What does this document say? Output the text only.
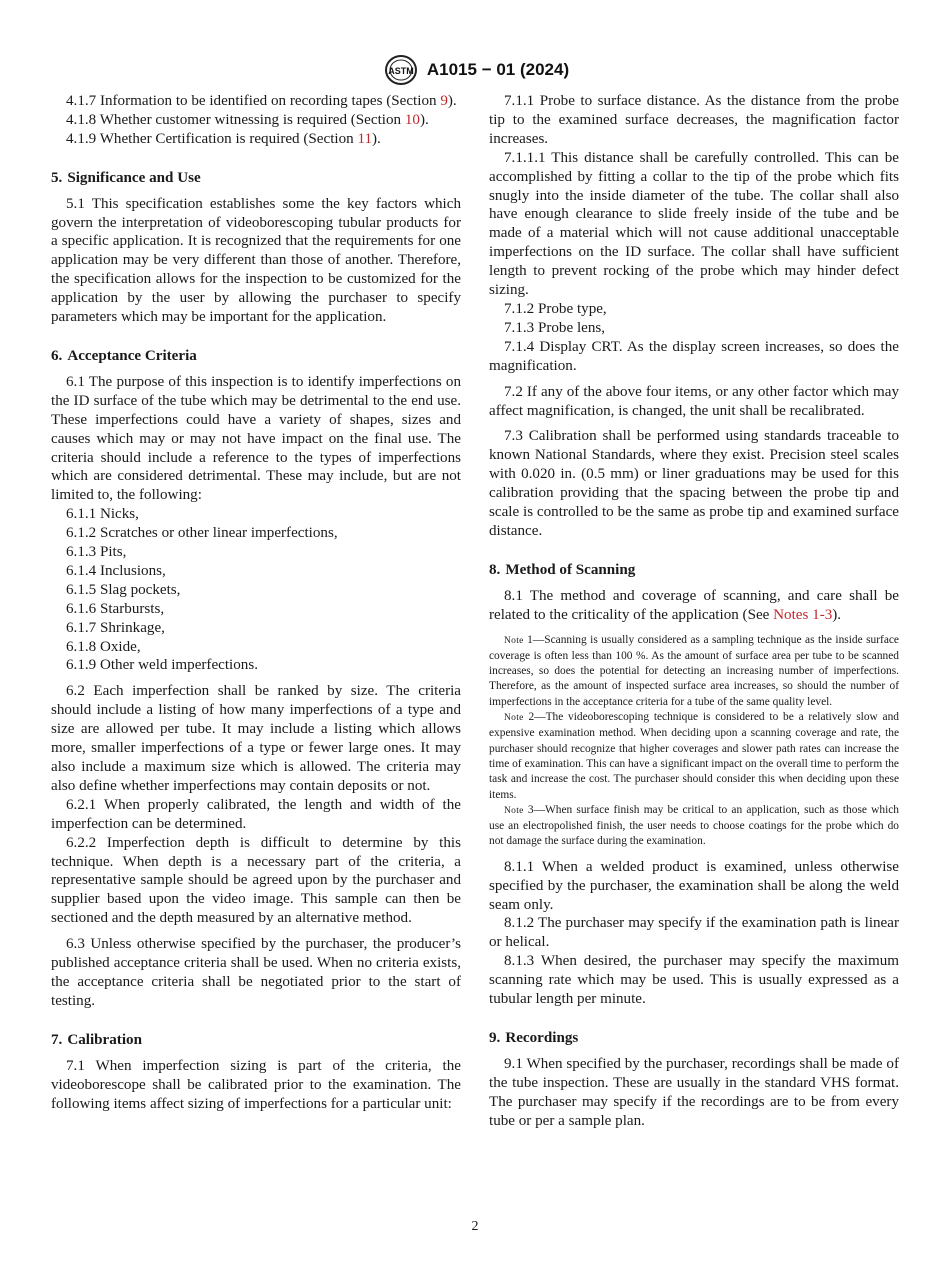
ASTM A1015 − 01 (2024)

4.1.7 Information to be identified on recording tapes (Section 9).

4.1.8 Whether customer witnessing is required (Section 10).

4.1.9 Whether Certification is required (Section 11).

5. Significance and Use

5.1 This specification establishes some the key factors which govern the interpretation of videoborescoping tubular products for a specific application. It is recognized that the requirements for one application may be very different than those of another. Therefore, the specification allows for the inspection to be customized for the application by the user by allowing the purchaser to specify parameters which may be important for the application.

6. Acceptance Criteria

6.1 The purpose of this inspection is to identify imperfections on the ID surface of the tube which may be detrimental to the end use. These imperfections could have a variety of shapes, sizes and causes which may or may not have impact on the final use. The criteria should include a reference to the types of imperfections which are considered detrimental. These may include, but are not limited to, the following:

6.1.1 Nicks,

6.1.2 Scratches or other linear imperfections,

6.1.3 Pits,

6.1.4 Inclusions,

6.1.5 Slag pockets,

6.1.6 Starbursts,

6.1.7 Shrinkage,

6.1.8 Oxide,

6.1.9 Other weld imperfections.

6.2 Each imperfection shall be ranked by size. The criteria should include a listing of how many imperfections of a type and size are allowed per tube. It may include a listing which allows more, smaller imperfections of a type or fewer large ones. It may also include a maximum size which is allowed. The criteria may also define whether imperfections may contain deposits or not.

6.2.1 When properly calibrated, the length and width of the imperfection can be determined.

6.2.2 Imperfection depth is difficult to determine by this technique. When depth is a necessary part of the criteria, a representative sample should be agreed upon by the purchaser and supplier based upon the video image. This sample can then be sectioned and the depth measured by an alternative method.

6.3 Unless otherwise specified by the purchaser, the producer’s published acceptance criteria shall be used. When no criteria exists, the acceptance criteria shall be negotiated prior to the start of testing.

7. Calibration

7.1 When imperfection sizing is part of the criteria, the videoborescope shall be calibrated prior to the examination. The following items affect sizing of imperfections for a particular unit:

7.1.1 Probe to surface distance. As the distance from the probe tip to the examined surface decreases, the magnification factor increases.

7.1.1.1 This distance shall be carefully controlled. This can be accomplished by fitting a collar to the tip of the probe which fits snugly into the inside diameter of the tube. The collar shall also have enough clearance to slide freely inside of the tube and be made of a material which will not cause additional unacceptable imperfections on the ID surface. The collar shall have sufficient length to prevent rocking of the probe which may hinder defect sizing.

7.1.2 Probe type,

7.1.3 Probe lens,

7.1.4 Display CRT. As the display screen increases, so does the magnification.

7.2 If any of the above four items, or any other factor which may affect magnification, is changed, the unit shall be recalibrated.

7.3 Calibration shall be performed using standards traceable to known National Standards, where they exist. Precision steel scales with 0.020 in. (0.5 mm) or liner graduations may be used for this calibration providing that the spacing between the probe tip and scale is controlled to be the same as probe tip and examined surface distance.

8. Method of Scanning

8.1 The method and coverage of scanning, and care shall be related to the criticality of the application (See Notes 1-3).

Note 1—Scanning is usually considered as a sampling technique as the inside surface coverage is often less than 100 %. As the amount of surface area per tube to be scanned increases, so does the potential for detecting an increasing number of imperfections. Therefore, as the amount of inspected surface area increases, so should the number of imperfections in the acceptance criteria for a tube of the same quality level.

Note 2—The videoborescoping technique is considered to be a relatively slow and expensive examination method. When deciding upon a scanning coverage and rate, the purchaser should recognize that higher coverages and slower path rates can increase the time of examination. This can have a significant impact on the overall time to perform the task and increase the cost. The purchaser should consider this when deciding upon these items.

Note 3—When surface finish may be critical to an application, such as those which use an electropolished finish, the user needs to choose coatings for the probe which do not damage the surface during the examination.

8.1.1 When a welded product is examined, unless otherwise specified by the purchaser, the examination shall be along the weld seam only.

8.1.2 The purchaser may specify if the examination path is linear or helical.

8.1.3 When desired, the purchaser may specify the maximum scanning rate which may be used. This is usually expressed as a tubular length per minute.

9. Recordings

9.1 When specified by the purchaser, recordings shall be made of the tube inspection. These are usually in the standard VHS format. The purchaser may specify if the recordings are to be from every tube or per a sample plan.

2
